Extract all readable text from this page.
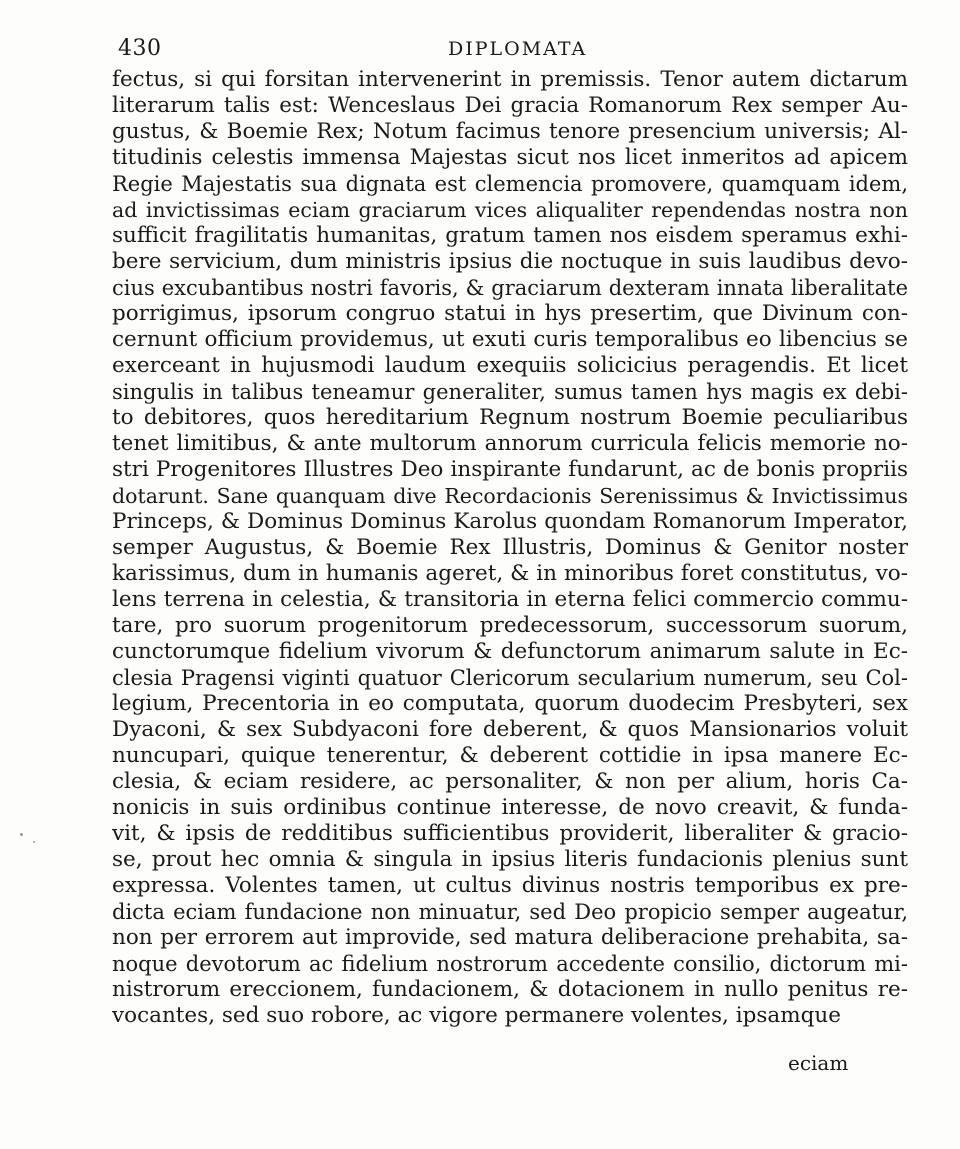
430	DIPLOMATA
fectus, si qui forsitan intervenerint in premissis. Tenor autem dictarum
literarum talis est: Wenceslaus Dei gracia Romanorum Rex semper Au-
gustus, & Boemie Rex; Notum facimus tenore presencium universis; Al-
titudinis celestis immensa Majestas sicut nos licet inmeritos ad apicem
Regie Majestatis sua dignata est clemencia promovere, quamquam idem,
ad invictissimas eciam graciarum vices aliqualiter rependendas nostra non
sufficit fragilitatis humanitas, gratum tamen nos eisdem speramus exhi-
bere servicium, dum ministris ipsius die noctuque in suis laudibus devo-
cius excubantibus nostri favoris, & graciarum dexteram innata liberalitate
porrigimus, ipsorum congruo statui in hys presertim, que Divinum con-
cernunt officium providemus, ut exuti curis temporalibus eo libencius se
exerceant in hujusmodi laudum exequiis solicicius peragendis. Et licet
singulis in talibus teneamur generaliter, sumus tamen hys magis ex debi-
to debitores, quos hereditarium Regnum nostrum Boemie peculiaribus
tenet limitibus, & ante multorum annorum curricula felicis memorie no-
stri Progenitores Illustres Deo inspirante fundarunt, ac de bonis propriis
dotarunt. Sane quanquam dive Recordacionis Serenissimus & Invictissimus
Princeps, & Dominus Dominus Karolus quondam Romanorum Imperator,
semper Augustus, & Boemie Rex Illustris, Dominus & Genitor noster
karissimus, dum in humanis ageret, & in minoribus foret constitutus, vo-
lens terrena in celestia, & transitoria in eterna felici commercio commu-
tare, pro suorum progenitorum predecessorum, successorum suorum,
cunctorumque fidelium vivorum & defunctorum animarum salute in Ec-
clesia Pragensi viginti quatuor Clericorum secularium numerum, seu Col-
legium, Precentoria in eo computata, quorum duodecim Presbyteri, sex
Dyaconi, & sex Subdyaconi fore deberent, & quos Mansionarios voluit
nuncupari, quique tenerentur, & deberent cottidie in ipsa manere Ec-
clesia, & eciam residere, ac personaliter, & non per alium, horis Ca-
nonicis in suis ordinibus continue interesse, de novo creavit, & funda-
vit, & ipsis de redditibus sufficientibus providerit, liberaliter & gracio-
se, prout hec omnia & singula in ipsius literis fundacionis plenius sunt
expressa. Volentes tamen, ut cultus divinus nostris temporibus ex pre-
dicta eciam fundacione non minuatur, sed Deo propicio semper augeatur,
non per errorem aut improvide, sed matura deliberacione prehabita, sa-
noque devotorum ac fidelium nostrorum accedente consilio, dictorum mi-
nistrorum ereccionem, fundacionem, & dotacionem in nullo penitus re-
vocantes, sed suo robore, ac vigore permanere volentes, ipsamque
eciam
